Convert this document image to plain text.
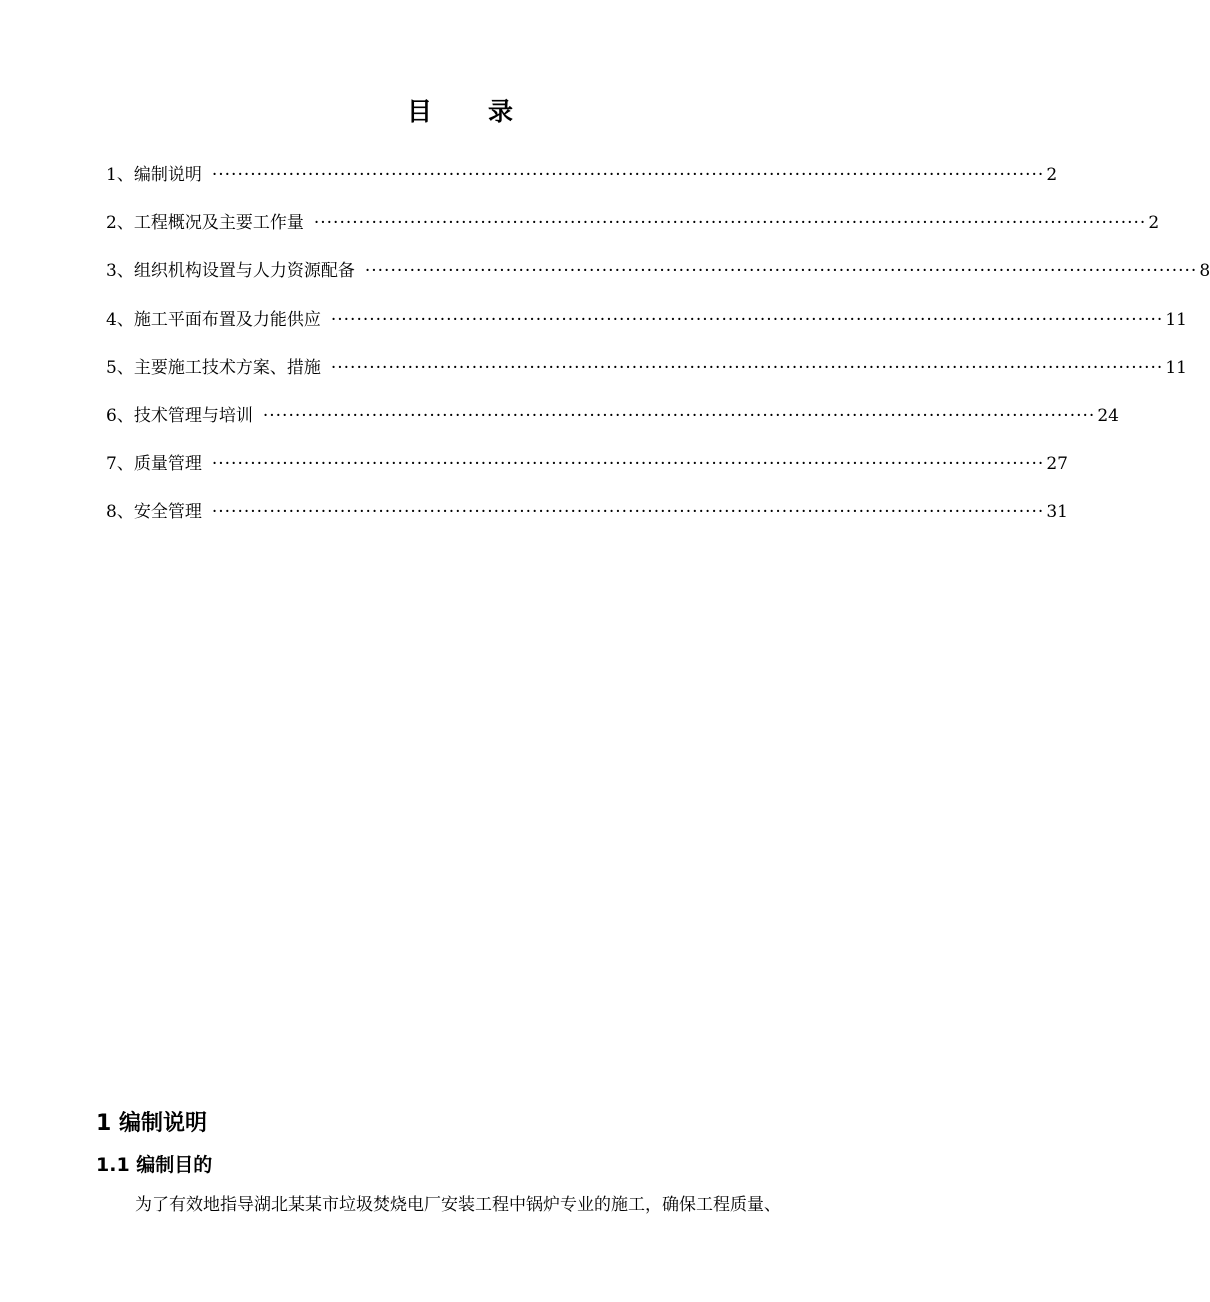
目 录
1、编制说明 ·································································································································· 2
2、工程概况及主要工作量 ·································································································································· 2
3、组织机构设置与人力资源配备 ·································································································································· 8
4、施工平面布置及力能供应 ·································································································································· 11
5、主要施工技术方案、措施 ·································································································································· 11
6、技术管理与培训 ·································································································································· 24
7、质量管理 ·································································································································· 27
8、安全管理 ·································································································································· 31
1 编制说明
1.1 编制目的
为了有效地指导湖北某某市垃圾焚烧电厂安装工程中锅炉专业的施工，确保工程质量、
